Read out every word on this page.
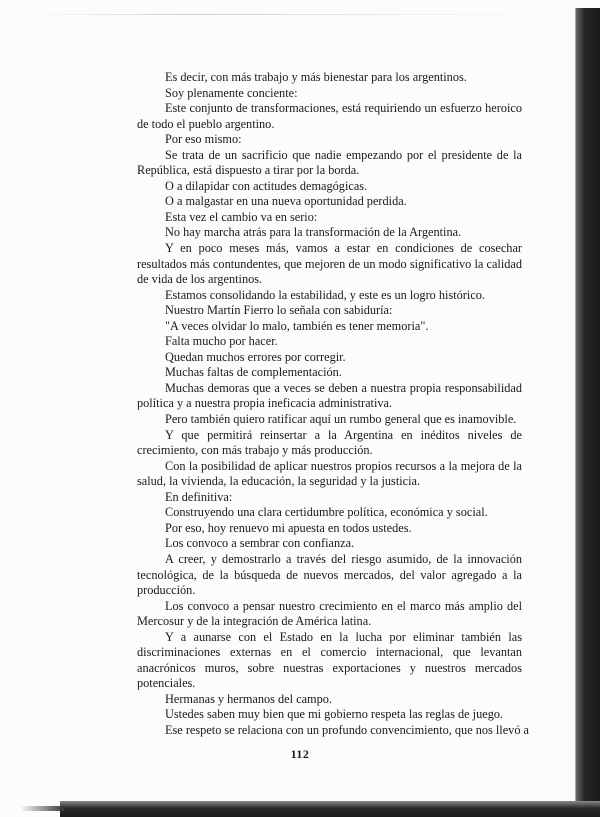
Es decir, con más trabajo y más bienestar para los argentinos.
Soy plenamente conciente:
Este conjunto de transformaciones, está requiriendo un esfuerzo heroico
de todo el pueblo argentino.
Por eso mismo:
Se trata de un sacrificio que nadie empezando por el presidente de la
República, está dispuesto a tirar por la borda.
O a dilapidar con actitudes demagógicas.
O a malgastar en una nueva oportunidad perdida.
Esta vez el cambio va en serio:
No hay marcha atrás para la transformación de la Argentina.
Y en poco meses más, vamos a estar en condiciones de cosechar
resultados más contundentes, que mejoren de un modo significativo la calidad
de vida de los argentinos.
Estamos consolidando la estabilidad, y este es un logro histórico.
Nuestro Martín Fierro lo señala con sabiduría:
"A veces olvidar lo malo, también es tener memoria".
Falta mucho por hacer.
Quedan muchos errores por corregir.
Muchas faltas de complementación.
Muchas demoras que a veces se deben a nuestra propia responsabilidad
política y a nuestra propia ineficacia administrativa.
Pero también quiero ratificar aquí un rumbo general que es inamovible.
Y que permitirá reinsertar a la Argentina en inéditos niveles de
crecimiento, con más trabajo y más producción.
Con la posibilidad de aplicar nuestros propios recursos a la mejora de la
salud, la vivienda, la educación, la seguridad y la justicia.
En definitiva:
Construyendo una clara certidumbre política, económica y social.
Por eso, hoy renuevo mi apuesta en todos ustedes.
Los convoco a sembrar con confianza.
A creer, y demostrarlo a través del riesgo asumido, de la innovación
tecnológica, de la búsqueda de nuevos mercados, del valor agregado a la
producción.
Los convoco a pensar nuestro crecimiento en el marco más amplio del
Mercosur y de la integración de América latina.
Y a aunarse con el Estado en la lucha por eliminar también las
discriminaciones externas en el comercio internacional, que levantan
anacrónicos muros, sobre nuestras exportaciones y nuestros mercados
potenciales.
Hermanas y hermanos del campo.
Ustedes saben muy bien que mi gobierno respeta las reglas de juego.
Ese respeto se relaciona con un profundo convencimiento, que nos llevó a
112
